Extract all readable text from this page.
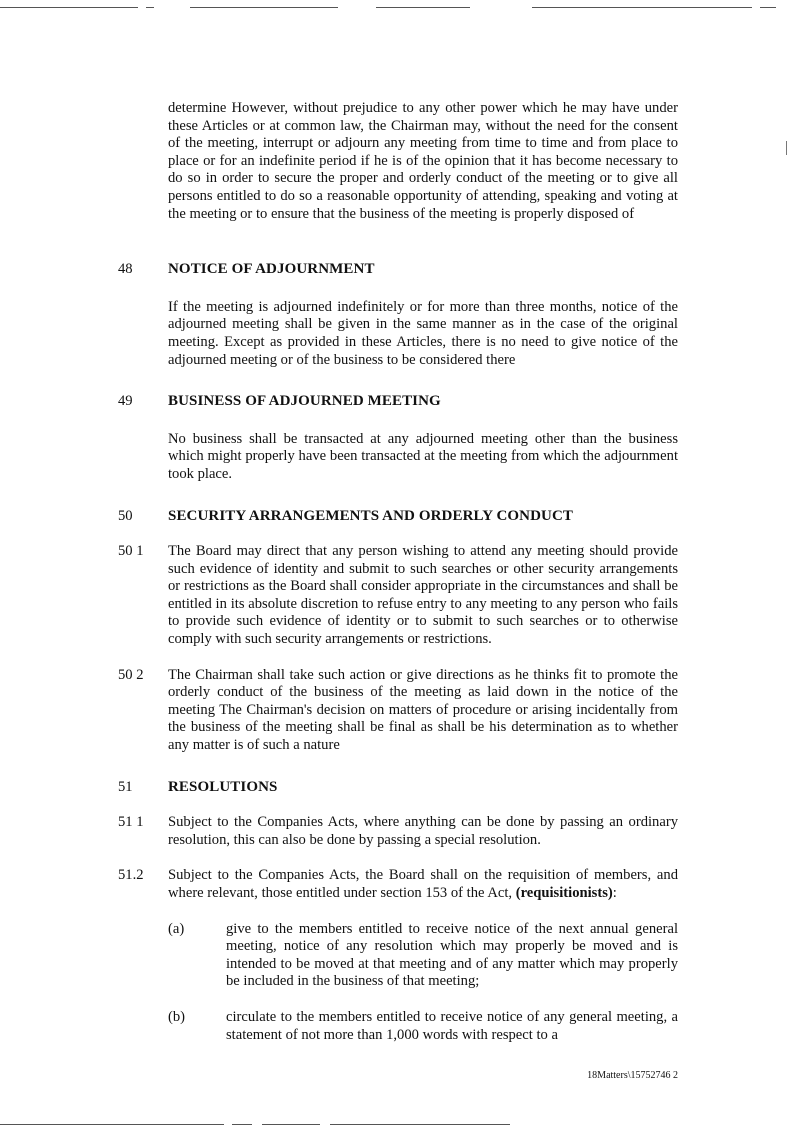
determine However, without prejudice to any other power which he may have under these Articles or at common law, the Chairman may, without the need for the consent of the meeting, interrupt or adjourn any meeting from time to time and from place to place or for an indefinite period if he is of the opinion that it has become necessary to do so in order to secure the proper and orderly conduct of the meeting or to give all persons entitled to do so a reasonable opportunity of attending, speaking and voting at the meeting or to ensure that the business of the meeting is properly disposed of

48	NOTICE OF ADJOURNMENT

If the meeting is adjourned indefinitely or for more than three months, notice of the adjourned meeting shall be given in the same manner as in the case of the original meeting. Except as provided in these Articles, there is no need to give notice of the adjourned meeting or of the business to be considered there

49	BUSINESS OF ADJOURNED MEETING

No business shall be transacted at any adjourned meeting other than the business which might properly have been transacted at the meeting from which the adjournment took place.

50	SECURITY ARRANGEMENTS AND ORDERLY CONDUCT
50 1	The Board may direct that any person wishing to attend any meeting should provide such evidence of identity and submit to such searches or other security arrangements or restrictions as the Board shall consider appropriate in the circumstances and shall be entitled in its absolute discretion to refuse entry to any meeting to any person who fails to provide such evidence of identity or to submit to such searches or to otherwise comply with such security arrangements or restrictions.

50 2	The Chairman shall take such action or give directions as he thinks fit to promote the orderly conduct of the business of the meeting as laid down in the notice of the meeting The Chairman's decision on matters of procedure or arising incidentally from the business of the meeting shall be final as shall be his determination as to whether any matter is of such a nature

51	RESOLUTIONS
51 1	Subject to the Companies Acts, where anything can be done by passing an ordinary resolution, this can also be done by passing a special resolution.

51.2	Subject to the Companies Acts, the Board shall on the requisition of members, and where relevant, those entitled under section 153 of the Act, (requisitionists):

(a)	give to the members entitled to receive notice of the next annual general meeting, notice of any resolution which may properly be moved and is intended to be moved at that meeting and of any matter which may properly be included in the business of that meeting;

(b)	circulate to the members entitled to receive notice of any general meeting, a statement of not more than 1,000 words with respect to a

18Matters\15752746 2
